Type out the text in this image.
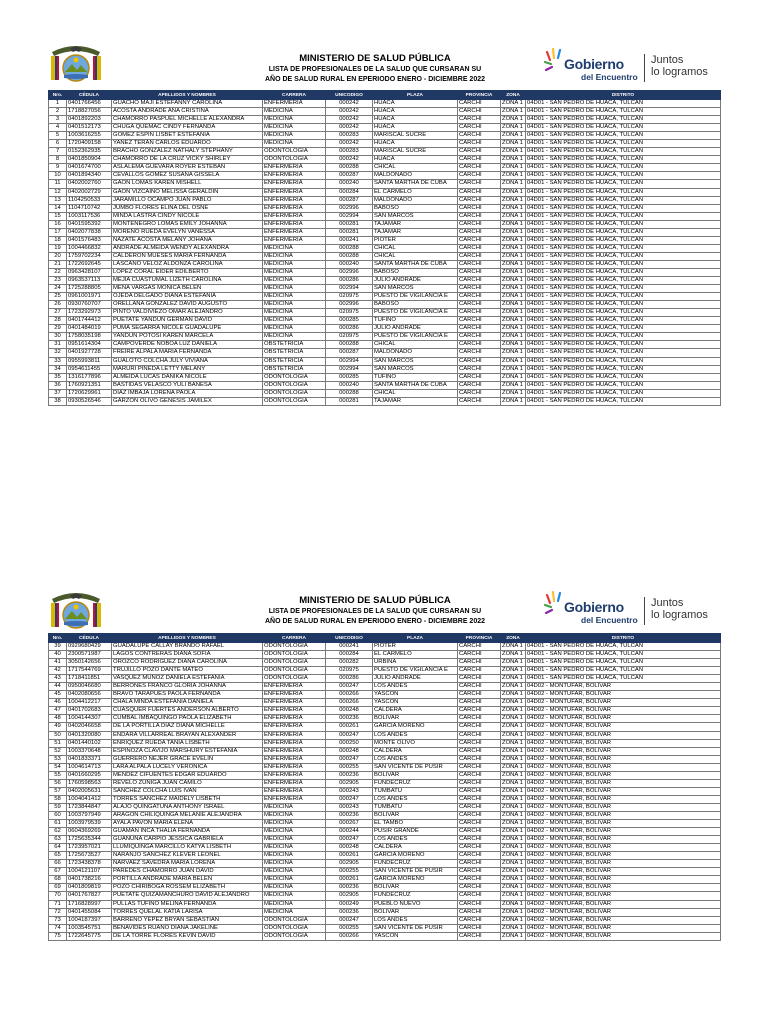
MINISTERIO DE SALUD PÚBLICA
LISTA DE PROFESIONALES DE LA SALUD QUE CURSARAN SU
AÑO DE SALUD RURAL EN EPERIODO ENERO - DICIEMBRE 2022
Gobierno
del Encuentro
Juntos
lo logramos
Nro.	CÉDULA	APELLIDOS Y NOMBRES	CARRERA	UNICODIGO	PLAZA	PROVINCIA	ZONA	DISTRITO
1	0401766456	GUACHO MAJI ESTEFANNY CAROLINA	ENFERMERÍA	000242	HUACA	CARCHI	ZONA 1	04D01 - SAN PEDRO DE HUACA, TULCAN
2	1718827056	ACOSTA ANDRADE ANA CRISTINA	MEDICINA	000242	HUACA	CARCHI	ZONA 1	04D01 - SAN PEDRO DE HUACA, TULCAN
3	0401892203	CHAMORRO PASPUEL MICHELLE ALEXANDRA	MEDICINA	000242	HUACA	CARCHI	ZONA 1	04D01 - SAN PEDRO DE HUACA, TULCAN
4	0401512173	CHUGA QUEMAC CINDY FERNANDA	MEDICINA	000242	HUACA	CARCHI	ZONA 1	04D01 - SAN PEDRO DE HUACA, TULCAN
5	1003616255	GOMEZ ESPIN LISBET ESTEFANIA	MEDICINA	000283	MARISCAL SUCRE	CARCHI	ZONA 1	04D01 - SAN PEDRO DE HUACA, TULCAN
6	1720409158	YANEZ TERAN CARLOS EDUARDO	MEDICINA	000242	HUACA	CARCHI	ZONA 1	04D01 - SAN PEDRO DE HUACA, TULCAN
7	0152362935	BRACHO GONZALEZ NATHALY STEPHANY	ODONTOLOGÍA	000283	MARISCAL SUCRE	CARCHI	ZONA 1	04D01 - SAN PEDRO DE HUACA, TULCAN
8	0401850904	CHAMORRO DE LA CRUZ VICKY SHIRLEY	ODONTOLOGÍA	000242	HUACA	CARCHI	ZONA 1	04D01 - SAN PEDRO DE HUACA, TULCAN
9	0401674700	ASLALEMA GUEVARA ROYER ESTEBAN	ENFERMERÍA	000288	CHICAL	CARCHI	ZONA 1	04D01 - SAN PEDRO DE HUACA, TULCAN
10	0401894340	CEVALLOS GOMEZ SUSANA GISSELA	ENFERMERÍA	000287	MALDONADO	CARCHI	ZONA 1	04D01 - SAN PEDRO DE HUACA, TULCAN
11	0402002760	GAON LOMAS KAREN MISHELL	ENFERMERÍA	000240	SANTA MARTHA DE CUBA	CARCHI	ZONA 1	04D01 - SAN PEDRO DE HUACA, TULCAN
12	0402002729	GAON VIZCAINO MELISSA GERALDIN	ENFERMERÍA	000284	EL CARMELO	CARCHI	ZONA 1	04D01 - SAN PEDRO DE HUACA, TULCAN
13	1104250533	JARAMILLO OCAMPO JUAN PABLO	ENFERMERÍA	000287	MALDONADO	CARCHI	ZONA 1	04D01 - SAN PEDRO DE HUACA, TULCAN
14	1104710742	JUMBO FLORES ELINA DEL OSNE	ENFERMERÍA	002996	BABOSO	CARCHI	ZONA 1	04D01 - SAN PEDRO DE HUACA, TULCAN
15	1003117536	MINDA LASTRA CINDY NICOLE	ENFERMERÍA	002994	SAN MARCOS	CARCHI	ZONA 1	04D01 - SAN PEDRO DE HUACA, TULCAN
16	0401595392	MONTENEGRO LOMAS EMILY JOHANNA	ENFERMERÍA	000281	TAJAMAR	CARCHI	ZONA 1	04D01 - SAN PEDRO DE HUACA, TULCAN
17	0402077838	MORENO RUEDA EVELYN VANESSA	ENFERMERÍA	000281	TAJAMAR	CARCHI	ZONA 1	04D01 - SAN PEDRO DE HUACA, TULCAN
18	0401576483	NAZATE ACOSTA MELANY JOHANA	ENFERMERÍA	000241	PIOTER	CARCHI	ZONA 1	04D01 - SAN PEDRO DE HUACA, TULCAN
19	1004466832	ANDRADE ALMEIDA WENDY ALEXANDRA	MEDICINA	000288	CHICAL	CARCHI	ZONA 1	04D01 - SAN PEDRO DE HUACA, TULCAN
20	1759702234	CALDERON MUESES MARIA FERNANDA	MEDICINA	000288	CHICAL	CARCHI	ZONA 1	04D01 - SAN PEDRO DE HUACA, TULCAN
21	1722692645	LASCANO VELOZ ALDONZA CAROLINA	MEDICINA	000240	SANTA MARTHA DE CUBA	CARCHI	ZONA 1	04D01 - SAN PEDRO DE HUACA, TULCAN
22	0963428107	LOPEZ CORAL EIDER EDILBERTO	MEDICINA	002996	BABOSO	CARCHI	ZONA 1	04D01 - SAN PEDRO DE HUACA, TULCAN
23	0963537113	MEJIA CUASTUMAL LIZETH CAROLINA	MEDICINA	000286	JULIO ANDRADE	CARCHI	ZONA 1	04D01 - SAN PEDRO DE HUACA, TULCAN
24	1725288805	MENA VARGAS MONICA BELEN	MEDICINA	002994	SAN MARCOS	CARCHI	ZONA 1	04D01 - SAN PEDRO DE HUACA, TULCAN
25	0961001971	OJEDA DELGADO DIANA ESTEFANIA	MEDICINA	020975	PUESTO DE VIGILANCIA E	CARCHI	ZONA 1	04D01 - SAN PEDRO DE HUACA, TULCAN
26	0930760707	ORELLANA GONZALEZ DAVID AUGUSTO	MEDICINA	002996	BABOSO	CARCHI	ZONA 1	04D01 - SAN PEDRO DE HUACA, TULCAN
27	1723292973	PINTO VALDIVIEZO OMAR ALEJANDRO	MEDICINA	020975	PUESTO DE VIGILANCIA E	CARCHI	ZONA 1	04D01 - SAN PEDRO DE HUACA, TULCAN
28	0401744412	PUETATE YANDUN GERMAN DAVID	MEDICINA	000285	TUFIÑO	CARCHI	ZONA 1	04D01 - SAN PEDRO DE HUACA, TULCAN
29	0401484019	PUMA SEGARRA NICOLE GUADALUPE	MEDICINA	000286	JULIO ANDRADE	CARCHI	ZONA 1	04D01 - SAN PEDRO DE HUACA, TULCAN
30	1758035198	YANDUN POTOSI KAREN MARCELA	MEDICINA	020975	PUESTO DE VIGILANCIA E	CARCHI	ZONA 1	04D01 - SAN PEDRO DE HUACA, TULCAN
31	0951614304	CAMPOVERDE NOBOA LUZ DANIELA	OBSTETRICIA	000288	CHICAL	CARCHI	ZONA 1	04D01 - SAN PEDRO DE HUACA, TULCAN
32	0401927728	FREIRE ALPALA MARIA FERNANDA	OBSTETRICIA	000287	MALDONADO	CARCHI	ZONA 1	04D01 - SAN PEDRO DE HUACA, TULCAN
33	0955993811	GUALOTO COLCHA JULY VIVIANA	OBSTETRICIA	002994	SAN MARCOS	CARCHI	ZONA 1	04D01 - SAN PEDRO DE HUACA, TULCAN
34	0954611455	MARURI PINEDA LETTY MELANY	OBSTETRICIA	002994	SAN MARCOS	CARCHI	ZONA 1	04D01 - SAN PEDRO DE HUACA, TULCAN
35	1316177896	ALMEIDA LUCAS DANIKA NICOLE	ODONTOLOGÍA	000285	TUFIÑO	CARCHI	ZONA 1	04D01 - SAN PEDRO DE HUACA, TULCAN
36	1760921351	BASTIDAS VELASCO YULI BANESA	ODONTOLOGÍA	000240	SANTA MARTHA DE CUBA	CARCHI	ZONA 1	04D01 - SAN PEDRO DE HUACA, TULCAN
37	1720629961	DIAZ IMBAJA LORENA PAOLA	ODONTOLOGÍA	000288	CHICAL	CARCHI	ZONA 1	04D01 - SAN PEDRO DE HUACA, TULCAN
38	0930526546	GARZON OLIVO GENESIS JAMILEX	ODONTOLOGÍA	000281	TAJAMAR	CARCHI	ZONA 1	04D01 - SAN PEDRO DE HUACA, TULCAN
MINISTERIO DE SALUD PÚBLICA
LISTA DE PROFESIONALES DE LA SALUD QUE CURSARAN SU
AÑO DE SALUD RURAL EN EPERIODO ENERO - DICIEMBRE 2022
Gobierno
del Encuentro
Juntos
lo logramos
Nro.	CÉDULA	APELLIDOS Y NOMBRES	CARRERA	UNICODIGO	PLAZA	PROVINCIA	ZONA	DISTRITO
39	0929680429	GUADALUPE CALLAY BRANDO RAFAEL	ODONTOLOGÍA	000241	PIOTER	CARCHI	ZONA 1	04D01 - SAN PEDRO DE HUACA, TULCAN
40	2300571987	LAGOS CONTRERAS DIANA SOFIA	ODONTOLOGÍA	000284	EL CARMELO	CARCHI	ZONA 1	04D01 - SAN PEDRO DE HUACA, TULCAN
41	3050142656	OROZCO RODRIGUEZ DIANA CAROLINA	ODONTOLOGÍA	000282	URBINA	CARCHI	ZONA 1	04D01 - SAN PEDRO DE HUACA, TULCAN
42	1717544769	TRUJILLO POZO DANTE MATEO	ODONTOLOGÍA	020975	PUESTO DE VIGILANCIA E	CARCHI	ZONA 1	04D01 - SAN PEDRO DE HUACA, TULCAN
43	1718411851	VASQUEZ MUÑOZ DANIELA ESTEFANIA	ODONTOLOGÍA	000286	JULIO ANDRADE	CARCHI	ZONA 1	04D01 - SAN PEDRO DE HUACA, TULCAN
44	0950046680	BERRONES FRANCO GLORIA JOHANNA	ENFERMERÍA	000247	LOS ANDES	CARCHI	ZONA 1	04D02 - MONTUFAR, BOLIVAR
45	0402080656	BRAVO TARAPUES PAOLA FERNANDA	ENFERMERÍA	000266	YASCON	CARCHI	ZONA 1	04D02 - MONTUFAR, BOLIVAR
46	1004412217	CHALA MINDA ESTEFANIA DANIELA	ENFERMERÍA	000266	YASCON	CARCHI	ZONA 1	04D02 - MONTUFAR, BOLIVAR
47	0401702683	CUASQUER FUERTES ANDERSON ALBERTO	ENFERMERÍA	000248	CALDERA	CARCHI	ZONA 1	04D02 - MONTUFAR, BOLIVAR
48	1004144307	CUMBAL IMBAQUINGO PAOLA ELIZABETH	ENFERMERÍA	000236	BOLIVAR	CARCHI	ZONA 1	04D02 - MONTUFAR, BOLIVAR
49	0402046658	DE LA PORTILLA DIAZ DIANA MICHELLE	ENFERMERÍA	000261	GARCIA MORENO	CARCHI	ZONA 1	04D02 - MONTUFAR, BOLIVAR
50	0401320080	ENDARA VILLARREAL BRAYAN ALEXANDER	ENFERMERÍA	000247	LOS ANDES	CARCHI	ZONA 1	04D02 - MONTUFAR, BOLIVAR
51	0401440102	ENRIQUEZ RUEDA TANIA LISBETH	ENFERMERÍA	000250	MONTE OLIVO	CARCHI	ZONA 1	04D02 - MONTUFAR, BOLIVAR
52	1003370648	ESPINOZA CLAVIJO MARSHURY ESTEFANIA	ENFERMERÍA	000248	CALDERA	CARCHI	ZONA 1	04D02 - MONTUFAR, BOLIVAR
53	0401833371	GUERRERO NEJER GRACE EVELIN	ENFERMERÍA	000247	LOS ANDES	CARCHI	ZONA 1	04D02 - MONTUFAR, BOLIVAR
54	1004614713	LARA ALPALA LUCELY VERONICA	ENFERMERÍA	000255	SAN VICENTE DE PUSIR	CARCHI	ZONA 1	04D02 - MONTUFAR, BOLIVAR
55	0401660295	MENDEZ CIFUENTES EDGAR EDUARDO	ENFERMERÍA	000236	BOLIVAR	CARCHI	ZONA 1	04D02 - MONTUFAR, BOLIVAR
56	1760598563	REVELO ZUÑIGA JUAN CAMILO	ENFERMERÍA	002905	FUNDECRUZ	CARCHI	ZONA 1	04D02 - MONTUFAR, BOLIVAR
57	0402005631	SANCHEZ COLCHA LUIS IVAN	ENFERMERÍA	000243	TUMBATU	CARCHI	ZONA 1	04D02 - MONTUFAR, BOLIVAR
58	1004041412	TORRES SANCHEZ MAIDELY LISBETH	ENFERMERÍA	000247	LOS ANDES	CARCHI	ZONA 1	04D02 - MONTUFAR, BOLIVAR
59	1723844847	ALAJO QUINGATUÑA ANTHONY ISRAEL	MEDICINA	000243	TUMBATU	CARCHI	ZONA 1	04D02 - MONTUFAR, BOLIVAR
60	1003797949	ARAGON CHILIQUINGA MELANIE ALEJANDRA	MEDICINA	000236	BOLIVAR	CARCHI	ZONA 1	04D02 - MONTUFAR, BOLIVAR
61	1003979539	AYALA PAVON MARIA ELENA	MEDICINA	000267	EL TAMBO	CARCHI	ZONA 1	04D02 - MONTUFAR, BOLIVAR
62	0604369269	GUAMAN INCA THALIA FERNANDA	MEDICINA	000244	PUSIR GRANDE	CARCHI	ZONA 1	04D02 - MONTUFAR, BOLIVAR
63	1725635344	GUAÑUNA CARPIO JESSICA GABRIELA	MEDICINA	000247	LOS ANDES	CARCHI	ZONA 1	04D02 - MONTUFAR, BOLIVAR
64	1723957021	LLUMIQUINGA MARCILLO KATYA LISBETH	MEDICINA	000248	CALDERA	CARCHI	ZONA 1	04D02 - MONTUFAR, BOLIVAR
65	1725673527	NARANJO SANCHEZ KLEVER LEONEL	MEDICINA	000261	GARCIA MORENO	CARCHI	ZONA 1	04D02 - MONTUFAR, BOLIVAR
66	1723438378	NARVAEZ SAVEDRA MARIA LORENA	MEDICINA	002905	FUNDECRUZ	CARCHI	ZONA 1	04D02 - MONTUFAR, BOLIVAR
67	1004121107	PAREDES CHAMORRO JUAN DAVID	MEDICINA	000255	SAN VICENTE DE PUSIR	CARCHI	ZONA 1	04D02 - MONTUFAR, BOLIVAR
68	0401738216	PORTILLA ANDRADE MARIA BELEN	MEDICINA	000261	GARCIA MORENO	CARCHI	ZONA 1	04D02 - MONTUFAR, BOLIVAR
69	0401809819	POZO CHIRIBOGA ROSSEM ELIZABETH	MEDICINA	000236	BOLIVAR	CARCHI	ZONA 1	04D02 - MONTUFAR, BOLIVAR
70	0401767827	PUETATE QUIZAMANCHURO DAVID ALEJANDRO	MEDICINA	002905	FUNDECRUZ	CARCHI	ZONA 1	04D02 - MONTUFAR, BOLIVAR
71	1716828997	PULLAS TUFIÑO MELINA FERNANDA	MEDICINA	000249	PUEBLO NUEVO	CARCHI	ZONA 1	04D02 - MONTUFAR, BOLIVAR
72	0401455084	TORRES QUELAL KATIA LARISA	MEDICINA	000236	BOLIVAR	CARCHI	ZONA 1	04D02 - MONTUFAR, BOLIVAR
73	1004187397	BARRENO YEPEZ BRYAN SEBASTIAN	ODONTOLOGÍA	000247	LOS ANDES	CARCHI	ZONA 1	04D02 - MONTUFAR, BOLIVAR
74	1003545751	BENAVIDES RUANO DIANA JAKELINE	ODONTOLOGÍA	000255	SAN VICENTE DE PUSIR	CARCHI	ZONA 1	04D02 - MONTUFAR, BOLIVAR
75	1722645775	DE LA TORRE FLORES KEVIN DAVID	ODONTOLOGÍA	000266	YASCON	CARCHI	ZONA 1	04D02 - MONTUFAR, BOLIVAR
